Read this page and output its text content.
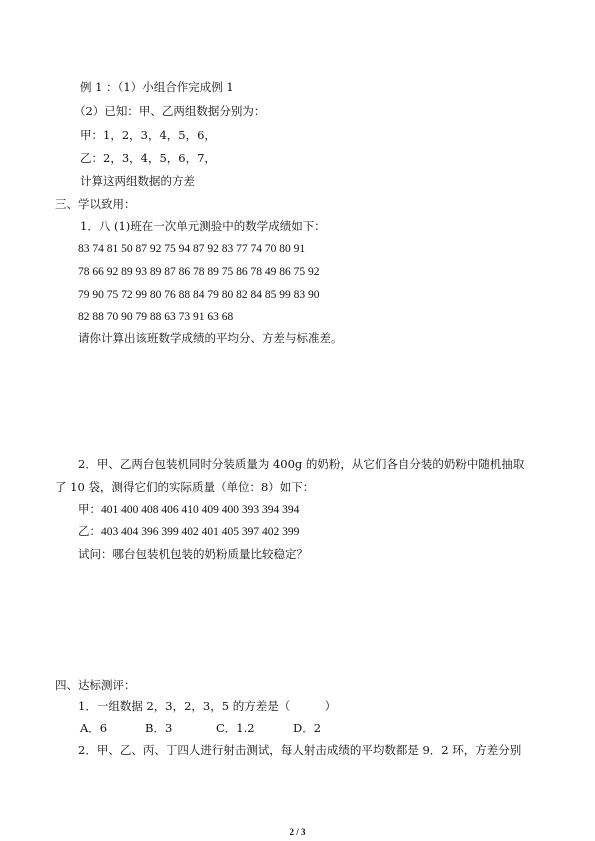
例 1 ：（1）小组合作完成例 1
（2）已知：甲、乙两组数据分别为：
甲：1，2，3，4，5，6，
乙：2，3，4，5，6，7，
计算这两组数据的方差
三、学以致用：
1．八 (1)班在一次单元测验中的数学成绩如下：
83 74 81 50 87 92 75 94 87 92 83 77 74 70 80 91
78 66 92 89 93 89 87 86 78 89 75 86 78 49 86 75 92
79 90 75 72 99 80 76 88 84 79 80 82 84 85 99 83 90
82 88 70 90 79 88 63 73 91 63 68
请你计算出该班数学成绩的平均分、方差与标准差。
2．甲、乙两台包装机同时分装质量为 400g 的奶粉，从它们各自分装的奶粉中随机抽取
了 10 袋，测得它们的实际质量（单位：8）如下：
甲：401 400 408 406 410 409 400 393 394 394
乙：403 404 396 399 402 401 405 397 402 399
试问：哪台包装机包装的奶粉质量比较稳定？
四、达标测评：
1．一组数据 2，3，2，3，5 的方差是（　　　）
A．6	B．3	C．1.2	D．2
2．甲、乙、丙、丁四人进行射击测试，每人射击成绩的平均数都是 9．2 环，方差分别
2 / 3
